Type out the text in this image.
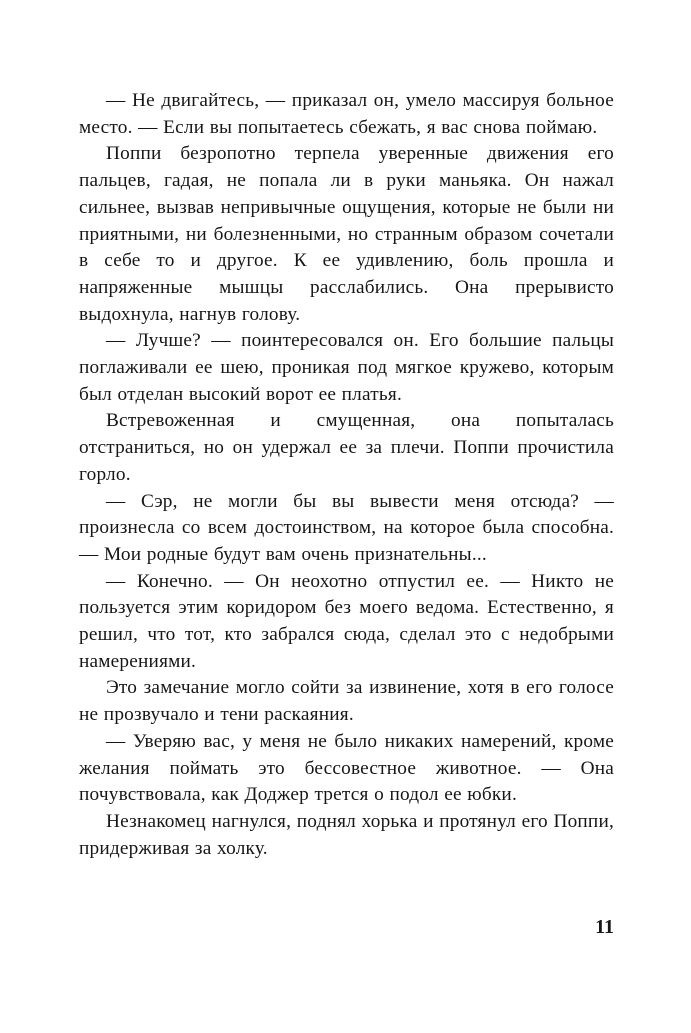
— Не двигайтесь, — приказал он, умело массируя больное место. — Если вы попытаетесь сбежать, я вас снова поймаю.

Поппи безропотно терпела уверенные движения его пальцев, гадая, не попала ли в руки маньяка. Он нажал сильнее, вызвав непривычные ощущения, которые не были ни приятными, ни болезненными, но странным образом сочетали в себе то и другое. К ее удивлению, боль прошла и напряженные мышцы расслабились. Она прерывисто выдохнула, нагнув голову.

— Лучше? — поинтересовался он. Его большие пальцы поглаживали ее шею, проникая под мягкое кружево, которым был отделан высокий ворот ее платья.

Встревоженная и смущенная, она попыталась отстраниться, но он удержал ее за плечи. Поппи прочистила горло.

— Сэр, не могли бы вы вывести меня отсюда? — произнесла со всем достоинством, на которое была способна. — Мои родные будут вам очень признательны...

— Конечно. — Он неохотно отпустил ее. — Никто не пользуется этим коридором без моего ведома. Естественно, я решил, что тот, кто забрался сюда, сделал это с недобрыми намерениями.

Это замечание могло сойти за извинение, хотя в его голосе не прозвучало и тени раскаяния.

— Уверяю вас, у меня не было никаких намерений, кроме желания поймать это бессовестное животное. — Она почувствовала, как Доджер трется о подол ее юбки.

Незнакомец нагнулся, поднял хорька и протянул его Поппи, придерживая за холку.

11
